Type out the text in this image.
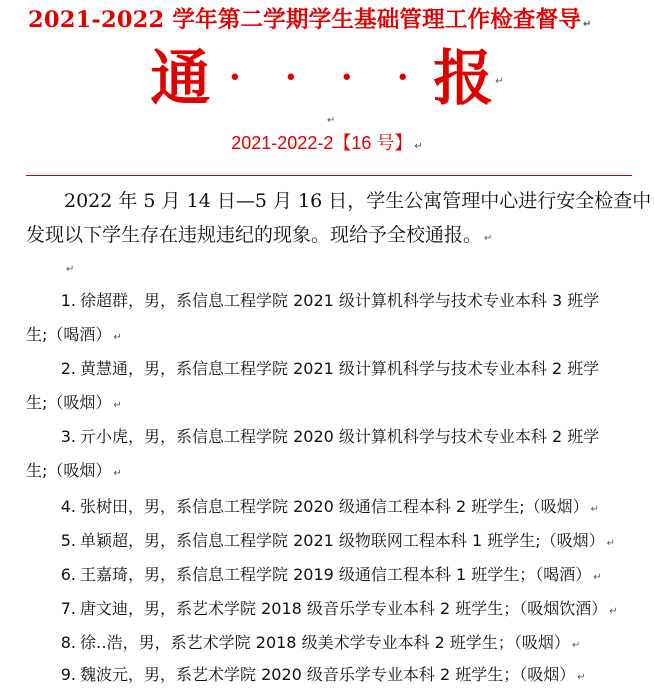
2021-2022 学年第二学期学生基础管理工作检查督导 ↵
通 • • • • 报 ↵
↵
2021-2022-2【16 号】 ↵
2022 年 5 月 14 日—5 月 16 日，学生公寓管理中心进行安全检查中发现以下学生存在违规违纪的现象。现给予全校通报。 ↵
↵
1. 徐超群，男，系信息工程学院 2021 级计算机科学与技术专业本科 3 班学
生;（喝酒） ↵
2. 黄慧通，男，系信息工程学院 2021 级计算机科学与技术专业本科 2 班学
生;（吸烟） ↵
3. 亓小虎，男，系信息工程学院 2020 级计算机科学与技术专业本科 2 班学
生;（吸烟） ↵
4. 张树田，男，系信息工程学院 2020 级通信工程本科 2 班学生;（吸烟） ↵
5. 单颖超，男，系信息工程学院 2021 级物联网工程本科 1 班学生;（吸烟） ↵
6. 王嘉琦，男，系信息工程学院 2019 级通信工程本科 1 班学生；（喝酒） ↵
7. 唐文迪，男，系艺术学院 2018 级音乐学专业本科 2 班学生；（吸烟饮酒） ↵
8. 徐‥浩，男，系艺术学院 2018 级美术学专业本科 2 班学生；（吸烟） ↵
9. 魏波元，男，系艺术学院 2020 级音乐学专业本科 2 班学生；（吸烟） ↵
